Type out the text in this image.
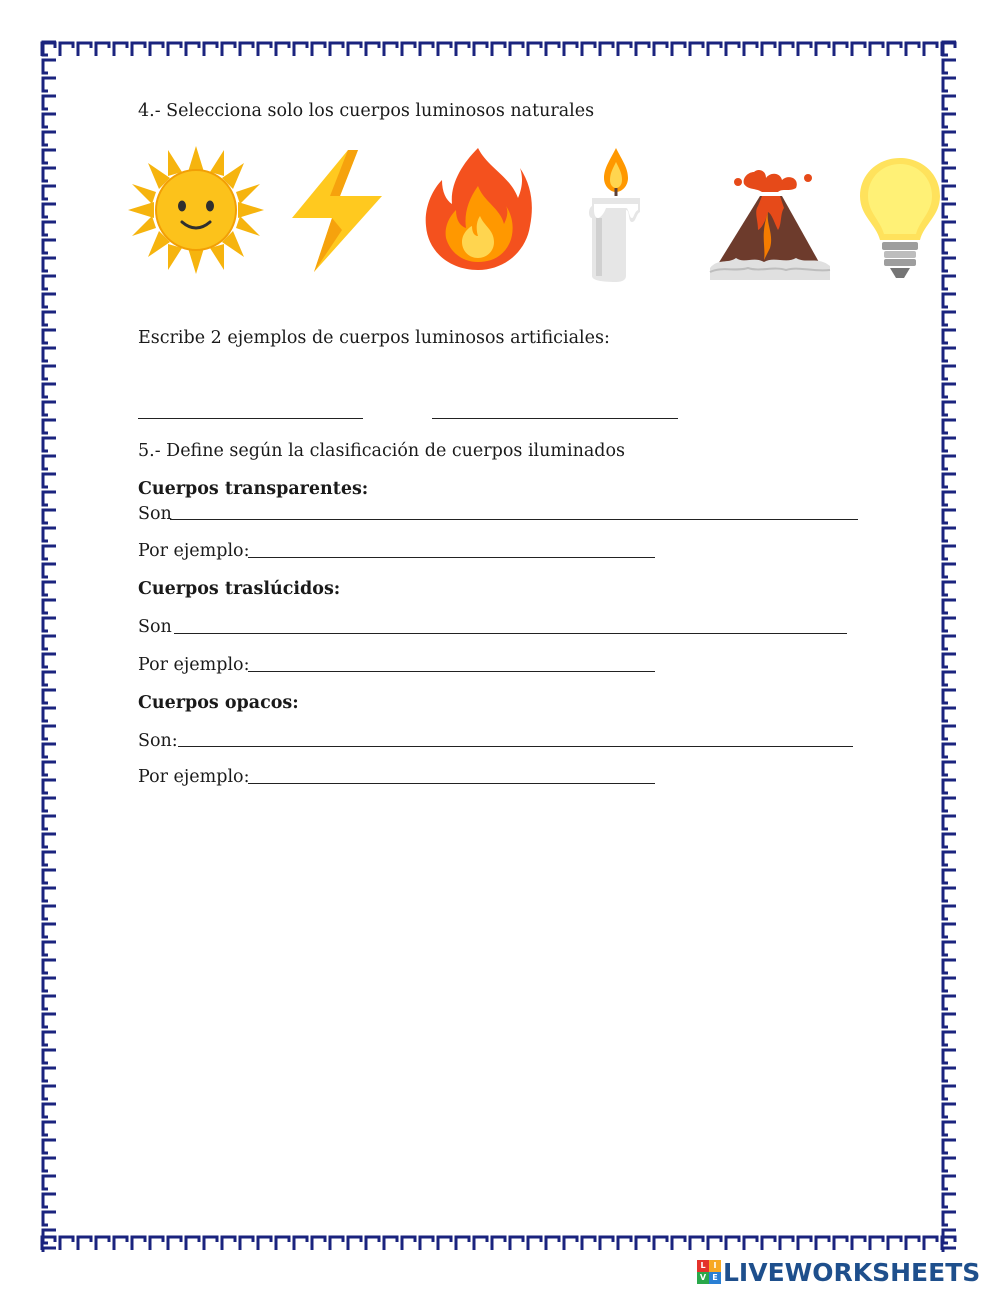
4.- Selecciona solo los cuerpos luminosos naturales
Escribe 2 ejemplos de cuerpos luminosos artificiales:
5.- Define según la clasificación de cuerpos iluminados
Cuerpos transparentes:
Son
Por ejemplo:
Cuerpos traslúcidos:
Son
Por ejemplo:
Cuerpos opacos:
Son:
Por ejemplo:
L I
V E LIVEWORKSHEETS
